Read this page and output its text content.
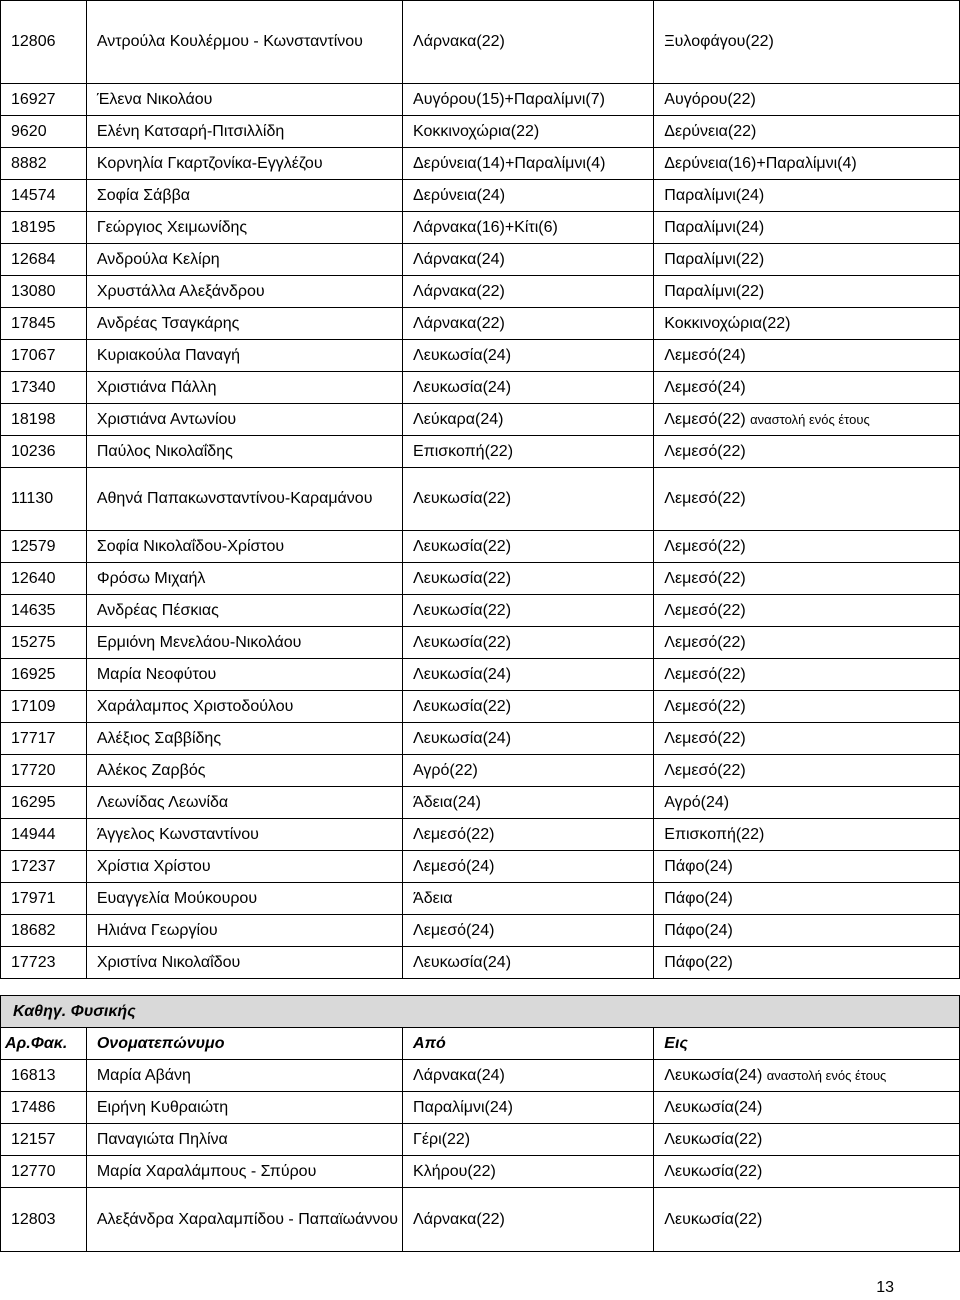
12806	Αντρούλα Κουλέρμου - Κωνσταντίνου	Λάρνακα(22)	Ξυλοφάγου(22)
16927	Έλενα Νικολάου	Αυγόρου(15)+Παραλίμνι(7)	Αυγόρου(22)
9620	Ελένη Κατσαρή-Πιτσιλλίδη	Κοκκινοχώρια(22)	Δερύνεια(22)
8882	Κορνηλία Γκαρτζονίκα-Εγγλέζου	Δερύνεια(14)+Παραλίμνι(4)	Δερύνεια(16)+Παραλίμνι(4)
14574	Σοφία Σάββα	Δερύνεια(24)	Παραλίμνι(24)
18195	Γεώργιος Χειμωνίδης	Λάρνακα(16)+Κίτι(6)	Παραλίμνι(24)
12684	Ανδρούλα Κελίρη	Λάρνακα(24)	Παραλίμνι(22)
13080	Χρυστάλλα Αλεξάνδρου	Λάρνακα(22)	Παραλίμνι(22)
17845	Ανδρέας Τσαγκάρης	Λάρνακα(22)	Κοκκινοχώρια(22)
17067	Κυριακούλα Παναγή	Λευκωσία(24)	Λεμεσό(24)
17340	Χριστιάνα Πάλλη	Λευκωσία(24)	Λεμεσό(24)
18198	Χριστιάνα Αντωνίου	Λεύκαρα(24)	Λεμεσό(22) αναστολή ενός έτους
10236	Παύλος Νικολαΐδης	Επισκοπή(22)	Λεμεσό(22)
11130	Αθηνά Παπακωνσταντίνου-Καραμάνου	Λευκωσία(22)	Λεμεσό(22)
12579	Σοφία Νικολαΐδου-Χρίστου	Λευκωσία(22)	Λεμεσό(22)
12640	Φρόσω Μιχαήλ	Λευκωσία(22)	Λεμεσό(22)
14635	Ανδρέας Πέσκιας	Λευκωσία(22)	Λεμεσό(22)
15275	Ερμιόνη Μενελάου-Νικολάου	Λευκωσία(22)	Λεμεσό(22)
16925	Μαρία Νεοφύτου	Λευκωσία(24)	Λεμεσό(22)
17109	Χαράλαμπος Χριστοδούλου	Λευκωσία(22)	Λεμεσό(22)
17717	Αλέξιος Σαββίδης	Λευκωσία(24)	Λεμεσό(22)
17720	Αλέκος Ζαρβός	Αγρό(22)	Λεμεσό(22)
16295	Λεωνίδας Λεωνίδα	Άδεια(24)	Αγρό(24)
14944	Άγγελος Κωνσταντίνου	Λεμεσό(22)	Επισκοπή(22)
17237	Χρίστια Χρίστου	Λεμεσό(24)	Πάφο(24)
17971	Ευαγγελία Μούκουρου	Άδεια	Πάφο(24)
18682	Ηλιάνα Γεωργίου	Λεμεσό(24)	Πάφο(24)
17723	Χριστίνα Νικολαΐδου	Λευκωσία(24)	Πάφο(22)
Καθηγ. Φυσικής			
Αρ.Φακ.	Ονοματεπώνυμο	Από	Εις
16813	Μαρία Αβάνη	Λάρνακα(24)	Λευκωσία(24) αναστολή ενός έτους
17486	Ειρήνη Κυθραιώτη	Παραλίμνι(24)	Λευκωσία(24)
12157	Παναγιώτα Πηλίνα	Γέρι(22)	Λευκωσία(22)
12770	Μαρία Χαραλάμπους - Σπύρου	Κλήρου(22)	Λευκωσία(22)
12803	Αλεξάνδρα Χαραλαμπίδου - Παπαϊωάννου	Λάρνακα(22)	Λευκωσία(22)
13
